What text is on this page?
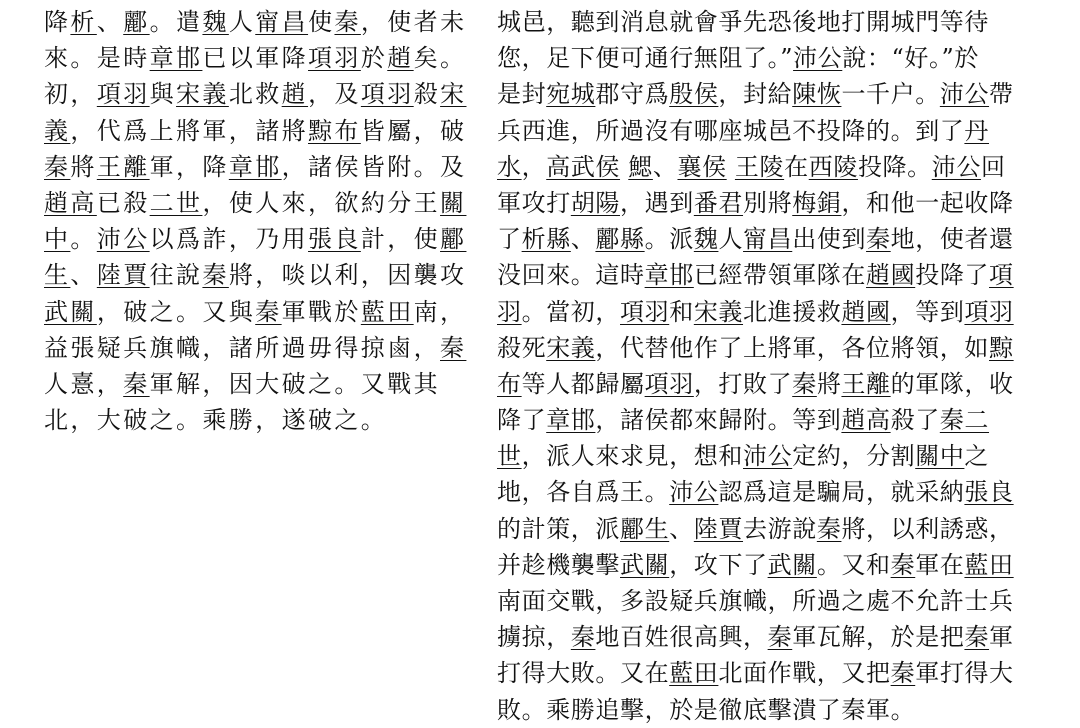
降析、酈。遣魏人甯昌使秦，使者未
來。是時章邯已以軍降項羽於趙矣。
初，項羽與宋義北救趙，及項羽殺宋
義，代爲上將軍，諸將黥布皆屬，破
秦將王離軍，降章邯，諸侯皆附。及
趙高已殺二世，使人來，欲約分王關
中。沛公以爲詐，乃用張良計，使酈
生、陸賈往說秦將，啖以利，因襲攻
武關，破之。又與秦軍戰於藍田南，
益張疑兵旗幟，諸所過毋得掠鹵，秦
人憙，秦軍解，因大破之。又戰其
北，大破之。乘勝，遂破之。
城邑，聽到消息就會爭先恐後地打開城門等待
您，足下便可通行無阻了。”沛公說：“好。”於
是封宛城郡守爲殷侯，封給陳恢一千户。沛公帶
兵西進，所過沒有哪座城邑不投降的。到了丹
水，高武侯 鰓、襄侯 王陵在西陵投降。沛公回
軍攻打胡陽，遇到番君別將梅鋗，和他一起收降
了析縣、酈縣。派魏人甯昌出使到秦地，使者還
没回來。這時章邯已經帶領軍隊在趙國投降了項
羽。當初，項羽和宋義北進援救趙國，等到項羽
殺死宋義，代替他作了上將軍，各位將領，如黥
布等人都歸屬項羽，打敗了秦將王離的軍隊，收
降了章邯，諸侯都來歸附。等到趙高殺了秦二
世，派人來求見，想和沛公定約，分割關中之
地，各自爲王。沛公認爲這是騙局，就采納張良
的計策，派酈生、陸賈去游說秦將，以利誘惑，
并趁機襲擊武關，攻下了武關。又和秦軍在藍田
南面交戰，多設疑兵旗幟，所過之處不允許士兵
擄掠，秦地百姓很高興，秦軍瓦解，於是把秦軍
打得大敗。又在藍田北面作戰，又把秦軍打得大
敗。乘勝追擊，於是徹底擊潰了秦軍。
